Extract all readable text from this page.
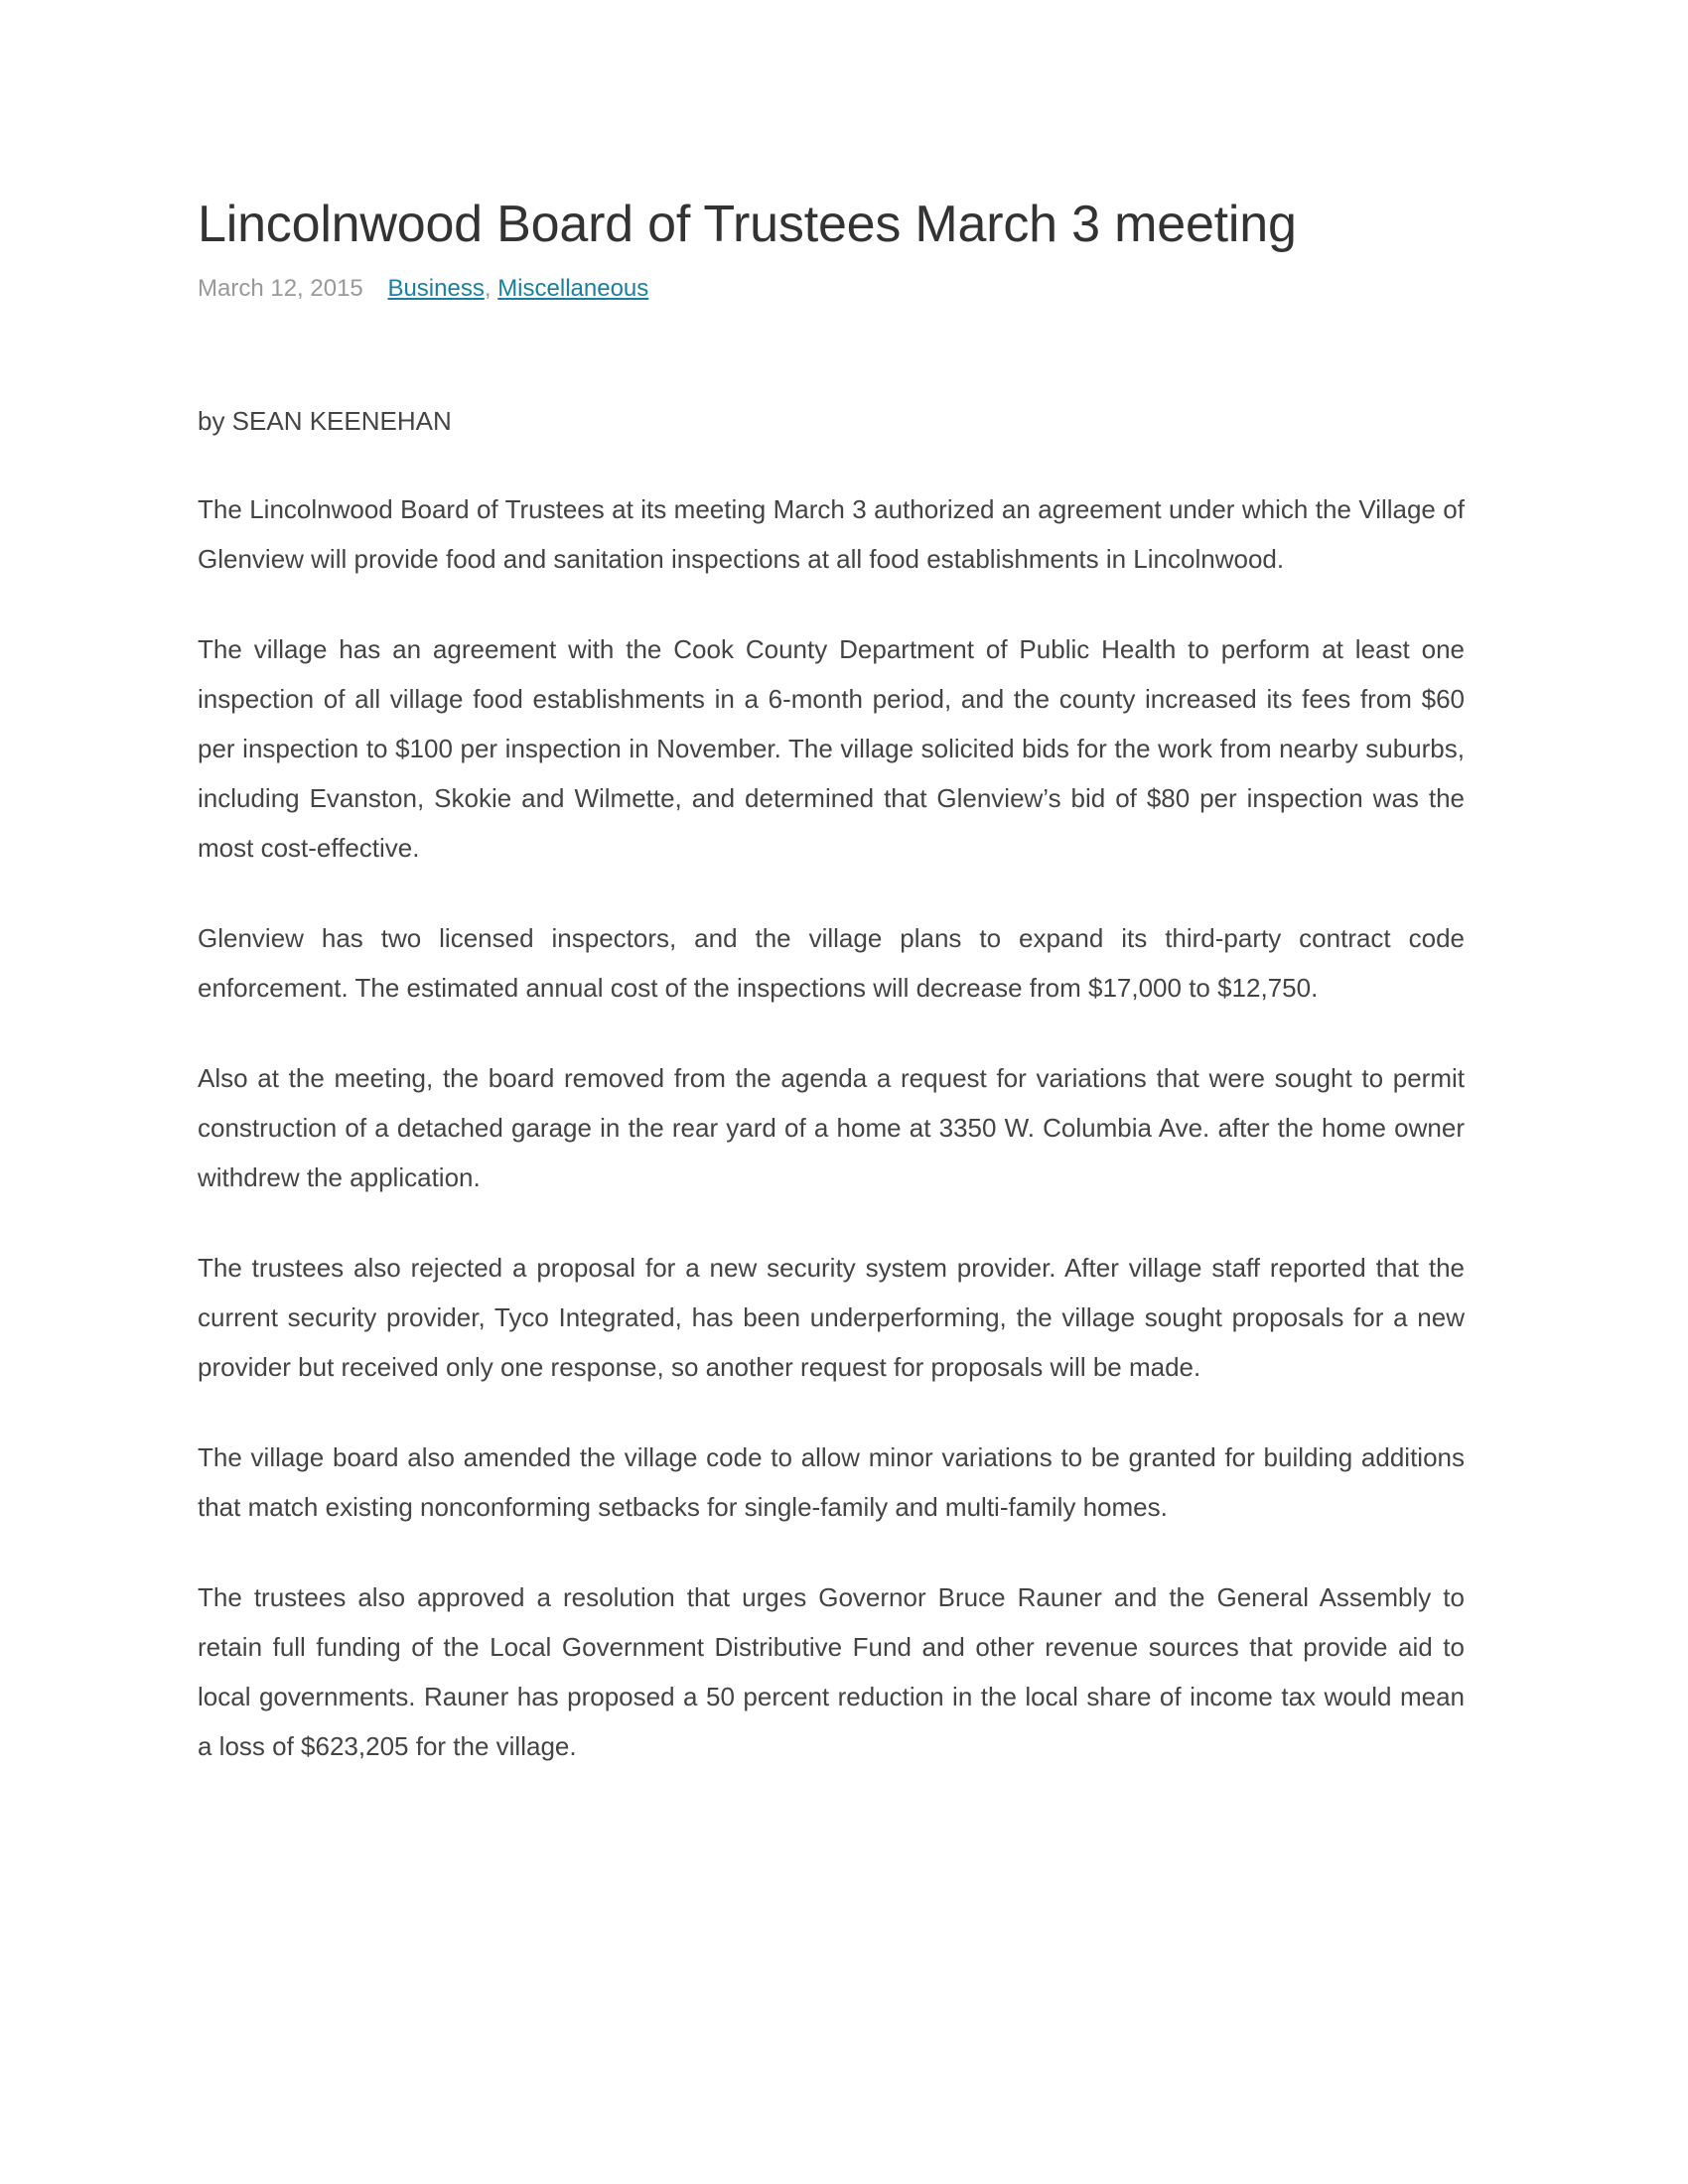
Lincolnwood Board of Trustees March 3 meeting
March 12, 2015 Business, Miscellaneous
by SEAN KEENEHAN

The Lincolnwood Board of Trustees at its meeting March 3 authorized an agreement under which the Village of Glenview will provide food and sanitation inspections at all food establishments in Lincolnwood.

The village has an agreement with the Cook County Department of Public Health to perform at least one inspection of all village food establishments in a 6-month period, and the county increased its fees from $60 per inspection to $100 per inspection in November. The village solicited bids for the work from nearby suburbs, including Evanston, Skokie and Wilmette, and determined that Glenview’s bid of $80 per inspection was the most cost-effective.

Glenview has two licensed inspectors, and the village plans to expand its third-party contract code enforcement. The estimated annual cost of the inspections will decrease from $17,000 to $12,750.

Also at the meeting, the board removed from the agenda a request for variations that were sought to permit construction of a detached garage in the rear yard of a home at 3350 W. Columbia Ave. after the home owner withdrew the application.

The trustees also rejected a proposal for a new security system provider. After village staff reported that the current security provider, Tyco Integrated, has been underperforming, the village sought proposals for a new provider but received only one response, so another request for proposals will be made.

The village board also amended the village code to allow minor variations to be granted for building additions that match existing nonconforming setbacks for single-family and multi-family homes.

The trustees also approved a resolution that urges Governor Bruce Rauner and the General Assembly to retain full funding of the Local Government Distributive Fund and other revenue sources that provide aid to local governments. Rauner has proposed a 50 percent reduction in the local share of income tax would mean a loss of $623,205 for the village.
